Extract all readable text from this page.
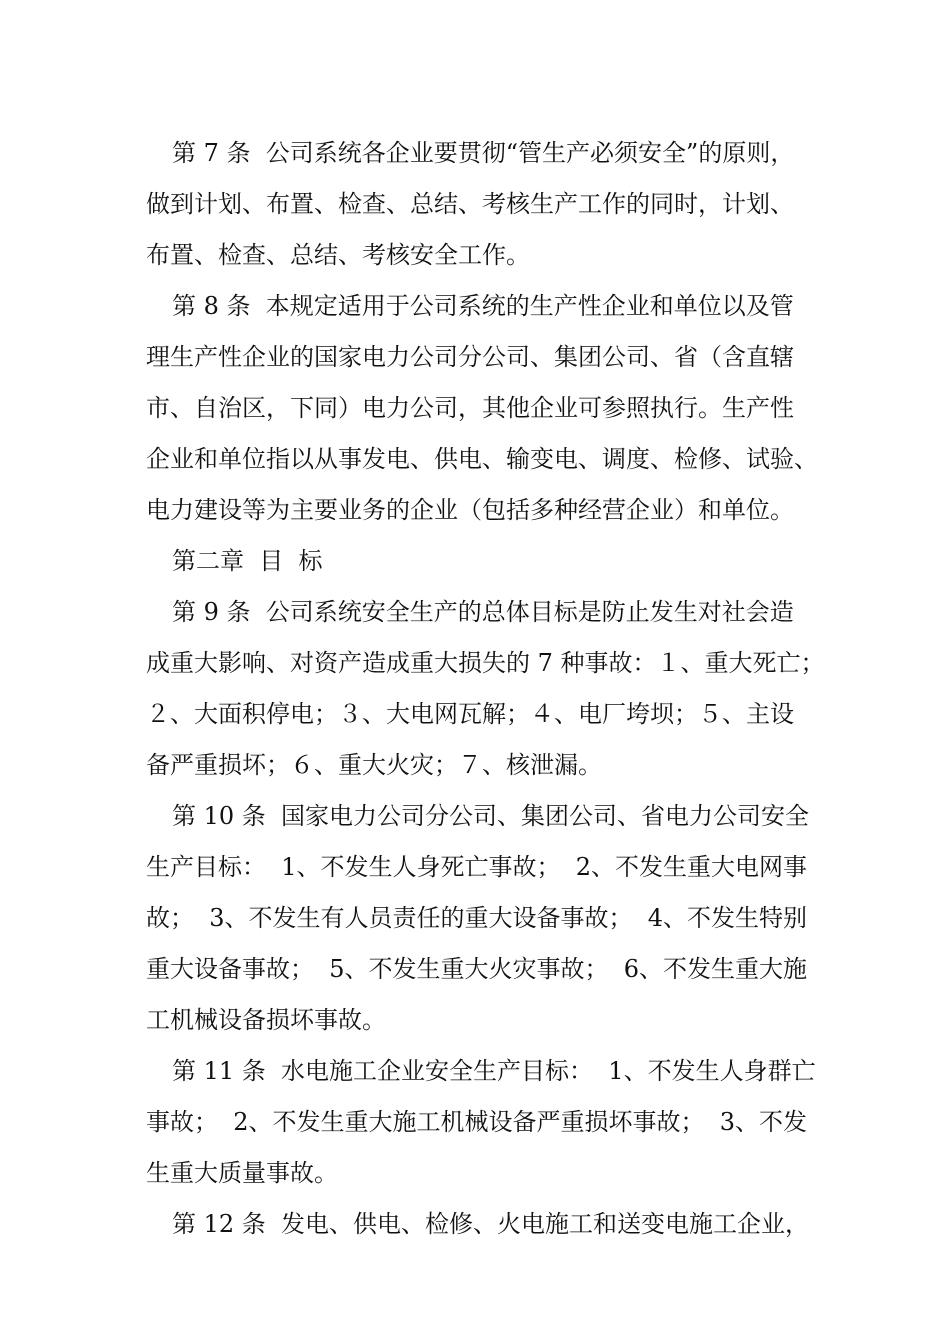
第 7 条  公司系统各企业要贯彻“管生产必须安全”的原则，
做到计划、布置、检查、总结、考核生产工作的同时，计划、
布置、检查、总结、考核安全工作。
第 8 条  本规定适用于公司系统的生产性企业和单位以及管
理生产性企业的国家电力公司分公司、集团公司、省（含直辖
市、自治区，下同）电力公司，其他企业可参照执行。生产性
企业和单位指以从事发电、供电、输变电、调度、检修、试验、
电力建设等为主要业务的企业（包括多种经营企业）和单位。
第二章  目  标
第 9 条  公司系统安全生产的总体目标是防止发生对社会造
成重大影响、对资产造成重大损失的 7 种事故：１、重大死亡；
２、大面积停电；３、大电网瓦解；４、电厂垮坝；５、主设
备严重损坏；６、重大火灾；７、核泄漏。
第 10 条  国家电力公司分公司、集团公司、省电力公司安全
生产目标：  1、不发生人身死亡事故；  2、不发生重大电网事
故；  3、不发生有人员责任的重大设备事故；  4、不发生特别
重大设备事故；  5、不发生重大火灾事故；  6、不发生重大施
工机械设备损坏事故。
第 11 条  水电施工企业安全生产目标：  1、不发生人身群亡
事故；  2、不发生重大施工机械设备严重损坏事故；  3、不发
生重大质量事故。
第 12 条  发电、供电、检修、火电施工和送变电施工企业，
